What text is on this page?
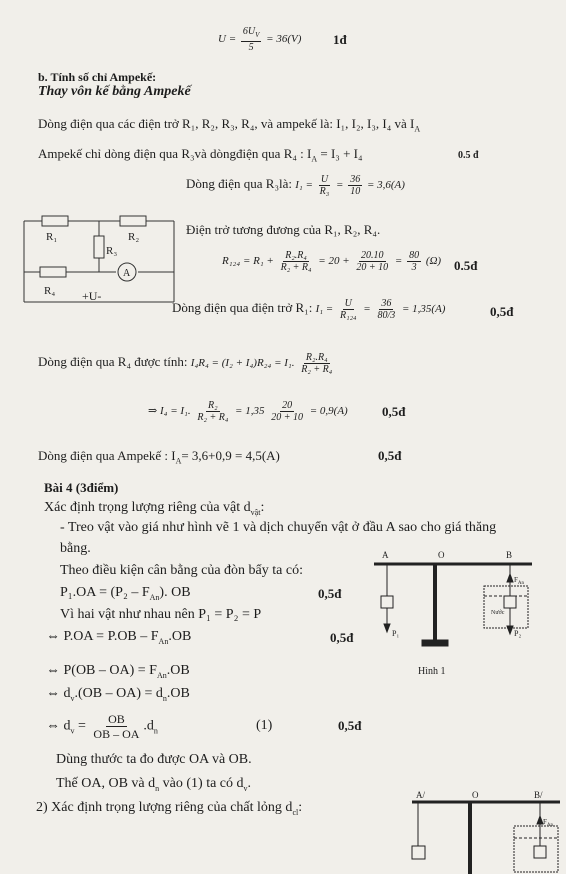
$U = \frac{6U_V}{5} = 36(V)$ 1đ
b. Tính số chỉ Ampekế:
Thay vôn kế bằng Ampekế
Dòng điện qua các điện trở R₁, R₂, R₃, R₄, và ampekế là: I₁, I₂, I₃, I₄ và $I_A$
Ampekế chỉ dòng điện qua R₃và dòngđiện qua R₄ : $I_A = I_3 + I_4$	0.5 đ
Dòng điện qua R₃là: $I_1 = \frac{U}{\text{R₃}} = \frac{36}{10} = 3,6(A)$
R₁	R₂
R₃
R₄
A
+U-
Điện trở tương đương của R₁, R₂, R₄.
$R_{124} = R_1 + \frac{\text{R₂.R₄}}{\text{R₂ + R₄}} = 20 + \frac{20.10}{20 + 10} = \frac{80}{3} (\Omega)$ 0.5đ
Dòng điện qua điện trở R₁: $I_1 = \frac{U}{\text{R₁₂₄}} = \frac{36}{80/3} = 1,35(A)$	0,5đ
Dòng điện qua R₄ được tính: I₄R₄ = (I₂ + I₄)R₂₄ = I₁. $\frac{\text{R₂.R₄}}{\text{R₂ + R₄}}$
⇒ I₄ = I₁. $\frac{\text{R₂}}{\text{R₂ + R₄}} = 1,35 \frac{20}{20 + 10} = 0,9(A)$	0,5đ
Dòng điện qua Ampekế : $I_A= 3,6+0,9 = 4,5(A)$	0,5đ
Bài 4 (3điểm)
Xác định trọng lượng riêng của vật $d_{vật}$:
- Treo vật vào giá như hình vẽ 1 và dịch chuyển vật ở đầu A sao cho giá thăng
bằng.
Theo điều kiện cân bằng của đòn bẩy ta có:
$P_1.OA = (P_2 - F_{An})$. OB	0,5đ
Vì hai vật như nhau nên P₁ = P₂ = P
⇔ $P.OA = P.OB - F_{An}.OB$	0,5đ
⇔ $P(OB - OA) = F_{An}.OB$
⇔ $d_v.(OB - OA) = d_n.OB$
⇔ $d_v = \frac{OB}{OB - OA} .d_n$	(1)	0,5đ
Dùng thước ta đo được OA và OB.
Thế OA, OB và $d_n$ vào (1) ta có $d_v$.
2) Xác định trọng lượng riêng của chất lỏng $d_{cl}$:
A	O	B
P₁	P₂
$F_{An}$
Nước
Hình 1
A/	O	B/
$F_{An}$
